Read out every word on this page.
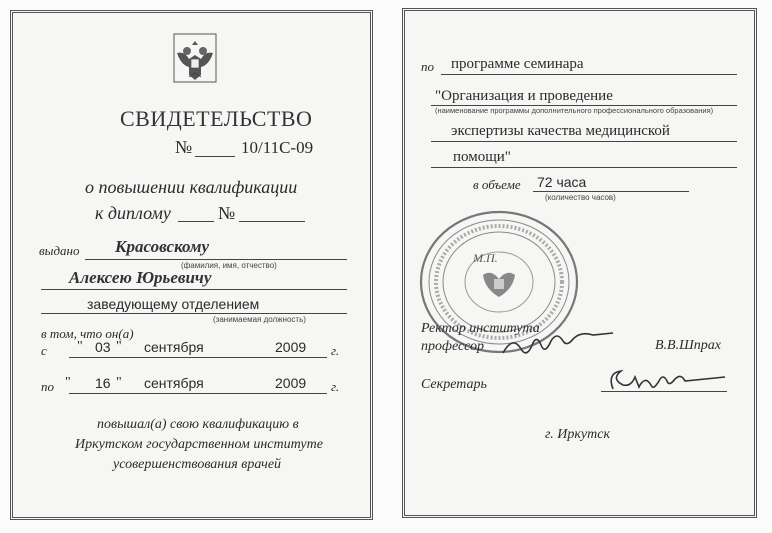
СВИДЕТЕЛЬСТВО
№	10/11С-09
о повышении квалификации
к диплому	№
выдано Красовскому
(фамилия, имя, отчество)
Алексею Юрьевичу
заведующему отделением
(занимаемая должность)
в том, что он(а)
с " 03 " сентября	2009 г.
по " 16 " сентября	2009 г.
повышал(а) свою квалификацию в
Иркутском государственном институте
усовершенствования врачей
по программе семинара
"Организация и проведение
(наименование программы дополнительного профессионального образования)
экспертизы качества медицинской
помощи"
в объеме 72 часа
(количество часов)
М.П.
Ректор института
профессор	В.В.Шпрах
Секретарь
г. Иркутск
